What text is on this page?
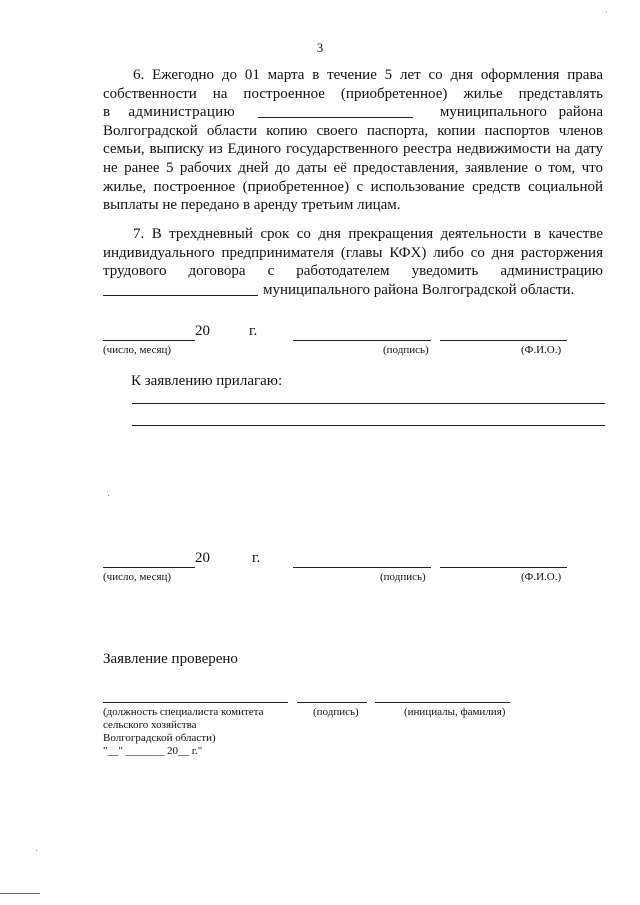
3
6. Ежегодно до 01 марта в течение 5 лет со дня оформления права
собственности на построенное (приобретенное) жилье представлять
в администрацию	муниципального района
Волгоградской области копию своего паспорта, копии паспортов членов
семьи, выписку из Единого государственного реестра недвижимости на дату
не ранее 5 рабочих дней до даты её предоставления, заявление о том, что
жилье, построенное (приобретенное) с использование средств социальной
выплаты не передано в аренду третьим лицам.
7. В трехдневный срок со дня прекращения деятельности в качестве
индивидуального предпринимателя (главы КФХ) либо со дня расторжения
трудового договора с работодателем уведомить администрацию
муниципального района Волгоградской области.
20	г.
(число, месяц)	(подпись)	(Ф.И.О.)
К заявлению прилагаю:
20	г.
(число, месяц)	(подпись)	(Ф.И.О.)
Заявление проверено
(должность специалиста комитета	(подпись)	(инициалы, фамилия)
сельского хозяйства
Волгоградской области)
"__" _______ 20__ г."
